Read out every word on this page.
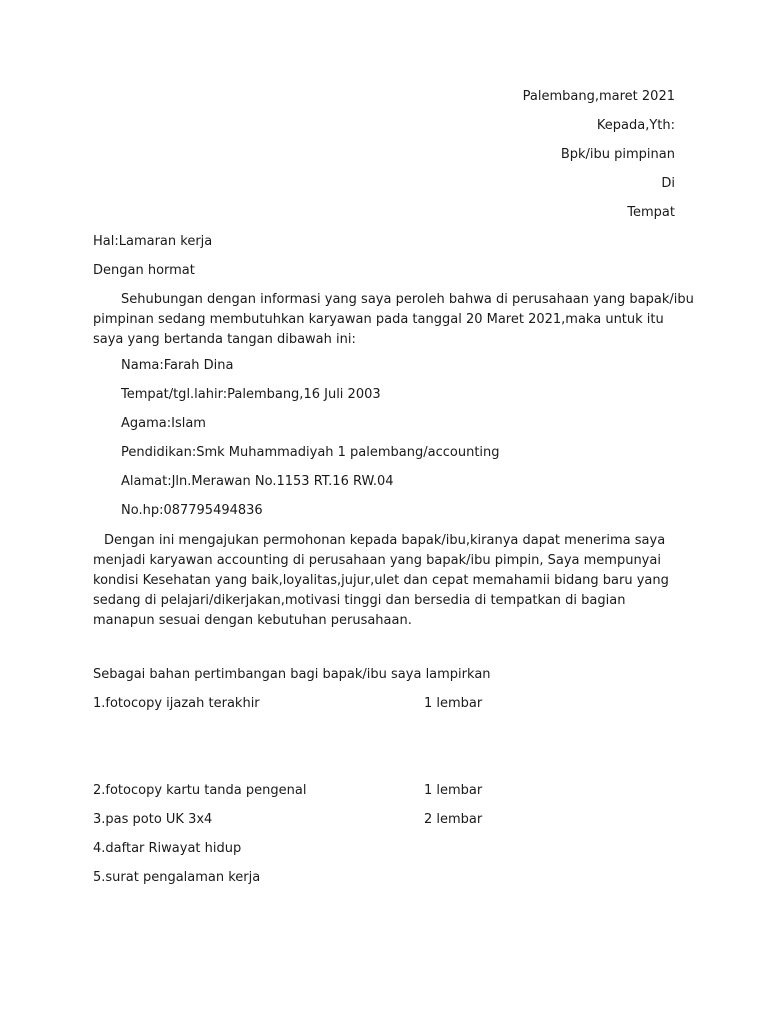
Palembang,maret 2021
Kepada,Yth:
Bpk/ibu pimpinan
Di
Tempat
Hal:Lamaran kerja
Dengan hormat
Sehubungan dengan informasi yang saya peroleh bahwa di perusahaan yang bapak/ibu
pimpinan sedang membutuhkan karyawan pada tanggal 20 Maret 2021,maka untuk itu saya yang bertanda tangan dibawah ini:
Nama:Farah Dina
Tempat/tgl.lahir:Palembang,16 Juli 2003
Agama:Islam
Pendidikan:Smk Muhammadiyah 1 palembang/accounting
Alamat:Jln.Merawan No.1153 RT.16 RW.04
No.hp:087795494836
Dengan ini mengajukan permohonan kepada bapak/ibu,kiranya dapat menerima saya menjadi karyawan accounting di perusahaan yang bapak/ibu pimpin, Saya mempunyai kondisi Kesehatan yang baik,loyalitas,jujur,ulet dan cepat memahamii bidang baru yang sedang di pelajari/dikerjakan,motivasi tinggi dan bersedia di tempatkan di bagian manapun sesuai dengan kebutuhan perusahaan.
Sebagai bahan pertimbangan bagi bapak/ibu saya lampirkan
1.fotocopy ijazah terakhir	1 lembar
2.fotocopy kartu tanda pengenal	1 lembar
3.pas poto UK 3x4	2 lembar
4.daftar Riwayat hidup
5.surat pengalaman kerja
